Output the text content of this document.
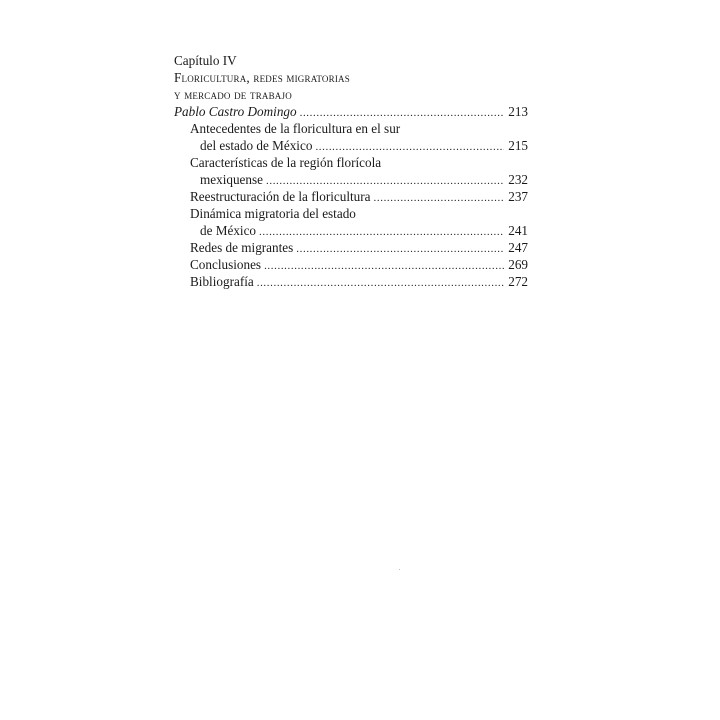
Capítulo IV
Floricultura, redes migratorias
y mercado de trabajo
Pablo Castro Domingo .....	213
Antecedentes de la floricultura en el sur
del estado de México .....	215
Características de la región florícola
mexiquense .....	232
Reestructuración de la floricultura .....	237
Dinámica migratoria del estado
de México .....	241
Redes de migrantes .....	247
Conclusiones .....	269
Bibliografía .....	272
